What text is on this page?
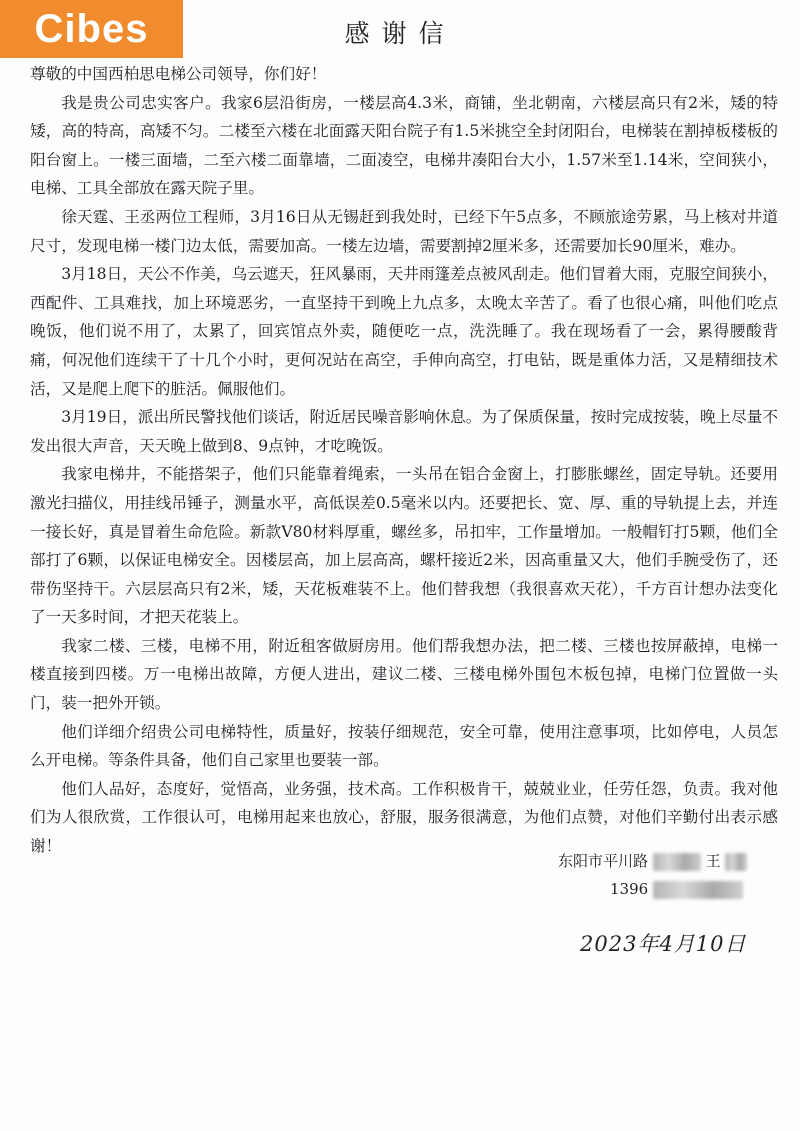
Cibes	感谢信

尊敬的中国西柏思电梯公司领导，你们好！

我是贵公司忠实客户。我家6层沿街房，一楼层高4.3米，商铺，坐北朝南，六楼层高只有2米，矮的特矮，高的特高，高矮不匀。二楼至六楼在北面露天阳台院子有1.5米挑空全封闭阳台，电梯装在割掉板楼板的阳台窗上。一楼三面墙，二至六楼二面靠墙，二面凌空，电梯井凑阳台大小，1.57米至1.14米，空间狭小，电梯、工具全部放在露天院子里。

徐天霆、王丞两位工程师，3月16日从无锡赶到我处时，已经下午5点多，不顾旅途劳累，马上核对井道尺寸，发现电梯一楼门边太低，需要加高。一楼左边墙，需要割掉2厘米多，还需要加长90厘米，难办。

3月18日，天公不作美，乌云遮天，狂风暴雨，天井雨篷差点被风刮走。他们冒着大雨，克服空间狭小，西配件、工具难找，加上环境恶劣，一直坚持干到晚上九点多，太晚太辛苦了。看了也很心痛，叫他们吃点晚饭，他们说不用了，太累了，回宾馆点外卖，随便吃一点，洗洗睡了。我在现场看了一会，累得腰酸背痛，何况他们连续干了十几个小时，更何况站在高空，手伸向高空，打电钻，既是重体力活，又是精细技术活，又是爬上爬下的脏活。佩服他们。

3月19日，派出所民警找他们谈话，附近居民噪音影响休息。为了保质保量，按时完成按装，晚上尽量不发出很大声音，天天晚上做到8、9点钟，才吃晚饭。

我家电梯井，不能搭架子，他们只能靠着绳索，一头吊在铝合金窗上，打膨胀螺丝，固定导轨。还要用激光扫描仪，用挂线吊锤子，测量水平，高低误差0.5毫米以内。还要把长、宽、厚、重的导轨提上去，并连一接长好，真是冒着生命危险。新款V80材料厚重，螺丝多，吊扣牢，工作量增加。一般帽钉打5颗，他们全部打了6颗，以保证电梯安全。因楼层高，加上层高高，螺杆接近2米，因高重量又大，他们手腕受伤了，还带伤坚持干。六层层高只有2米，矮，天花板难装不上。他们替我想（我很喜欢天花），千方百计想办法变化了一天多时间，才把天花装上。

我家二楼、三楼，电梯不用，附近租客做厨房用。他们帮我想办法，把二楼、三楼也按屏蔽掉，电梯一楼直接到四楼。万一电梯出故障，方便人进出，建议二楼、三楼电梯外围包木板包掉，电梯门位置做一头门，装一把外开锁。

他们详细介绍贵公司电梯特性，质量好，按装仔细规范，安全可靠，使用注意事项，比如停电，人员怎么开电梯。等条件具备，他们自己家里也要装一部。

他们人品好，态度好，觉悟高，业务强，技术高。工作积极肯干，兢兢业业，任劳任怨，负责。我对他们为人很欣赏，工作很认可，电梯用起来也放心，舒服，服务很满意，为他们点赞，对他们辛勤付出表示感谢！

东阳市平川路	王
1396
2023年4月10日
